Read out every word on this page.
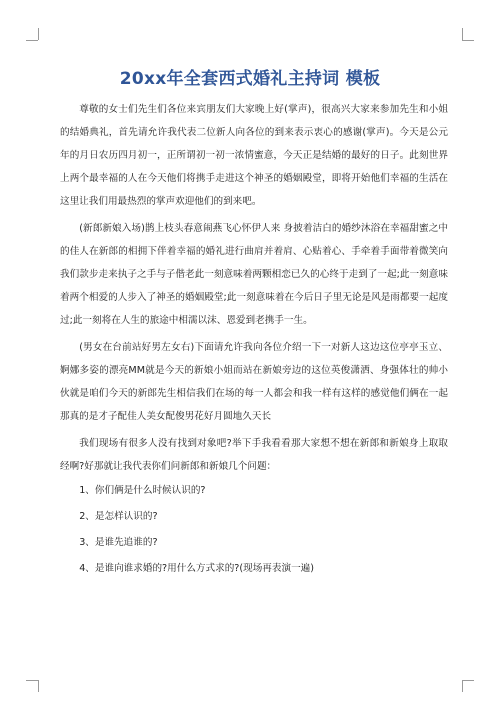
20xx年全套西式婚礼主持词 模板

尊敬的女士们先生们各位来宾朋友们大家晚上好(掌声)，很高兴大家来参加先生和小姐的结婚典礼，首先请允许我代表二位新人向各位的到来表示衷心的感谢(掌声)。今天是公元年的月日农历四月初一，正所谓初一初一浓情蜜意，今天正是结婚的最好的日子。此刻世界上两个最幸福的人在今天他们将携手走进这个神圣的婚姻殿堂，即将开始他们幸福的生活在这里让我们用最热烈的掌声欢迎他们的到来吧。

(新郎新娘入场)鹊上枝头春意闹燕飞心怀伊人来 身披着洁白的婚纱沐浴在幸福甜蜜之中的佳人在新郎的相拥下伴着幸福的婚礼进行曲肩并着肩、心贴着心、手牵着手面带着微笑向我们款步走来执子之手与子偕老此一刻意味着两颗相恋已久的心终于走到了一起;此一刻意味着两个相爱的人步入了神圣的婚姻殿堂;此一刻意味着在今后日子里无论是风是雨都要一起度过;此一刻将在人生的旅途中相濡以沫、恩爱到老携手一生。

(男女在台前站好男左女右)下面请允许我向各位介绍一下一对新人这边这位亭亭玉立、婀娜多姿的漂亮MM就是今天的新娘小姐而站在新娘旁边的这位英俊潇洒、身强体壮的帅小伙就是咱们今天的新郎先生相信我们在场的每一人都会和我一样有这样的感觉他们俩在一起那真的是才子配佳人美女配俊男花好月圆地久天长

我们现场有很多人没有找到对象吧?举下手我看看那大家想不想在新郎和新娘身上取取经啊?好那就让我代表你们问新郎和新娘几个问题：

1、你们俩是什么时候认识的?

2、是怎样认识的?

3、是谁先追谁的?

4、是谁向谁求婚的?用什么方式求的?(现场再表演一遍)
